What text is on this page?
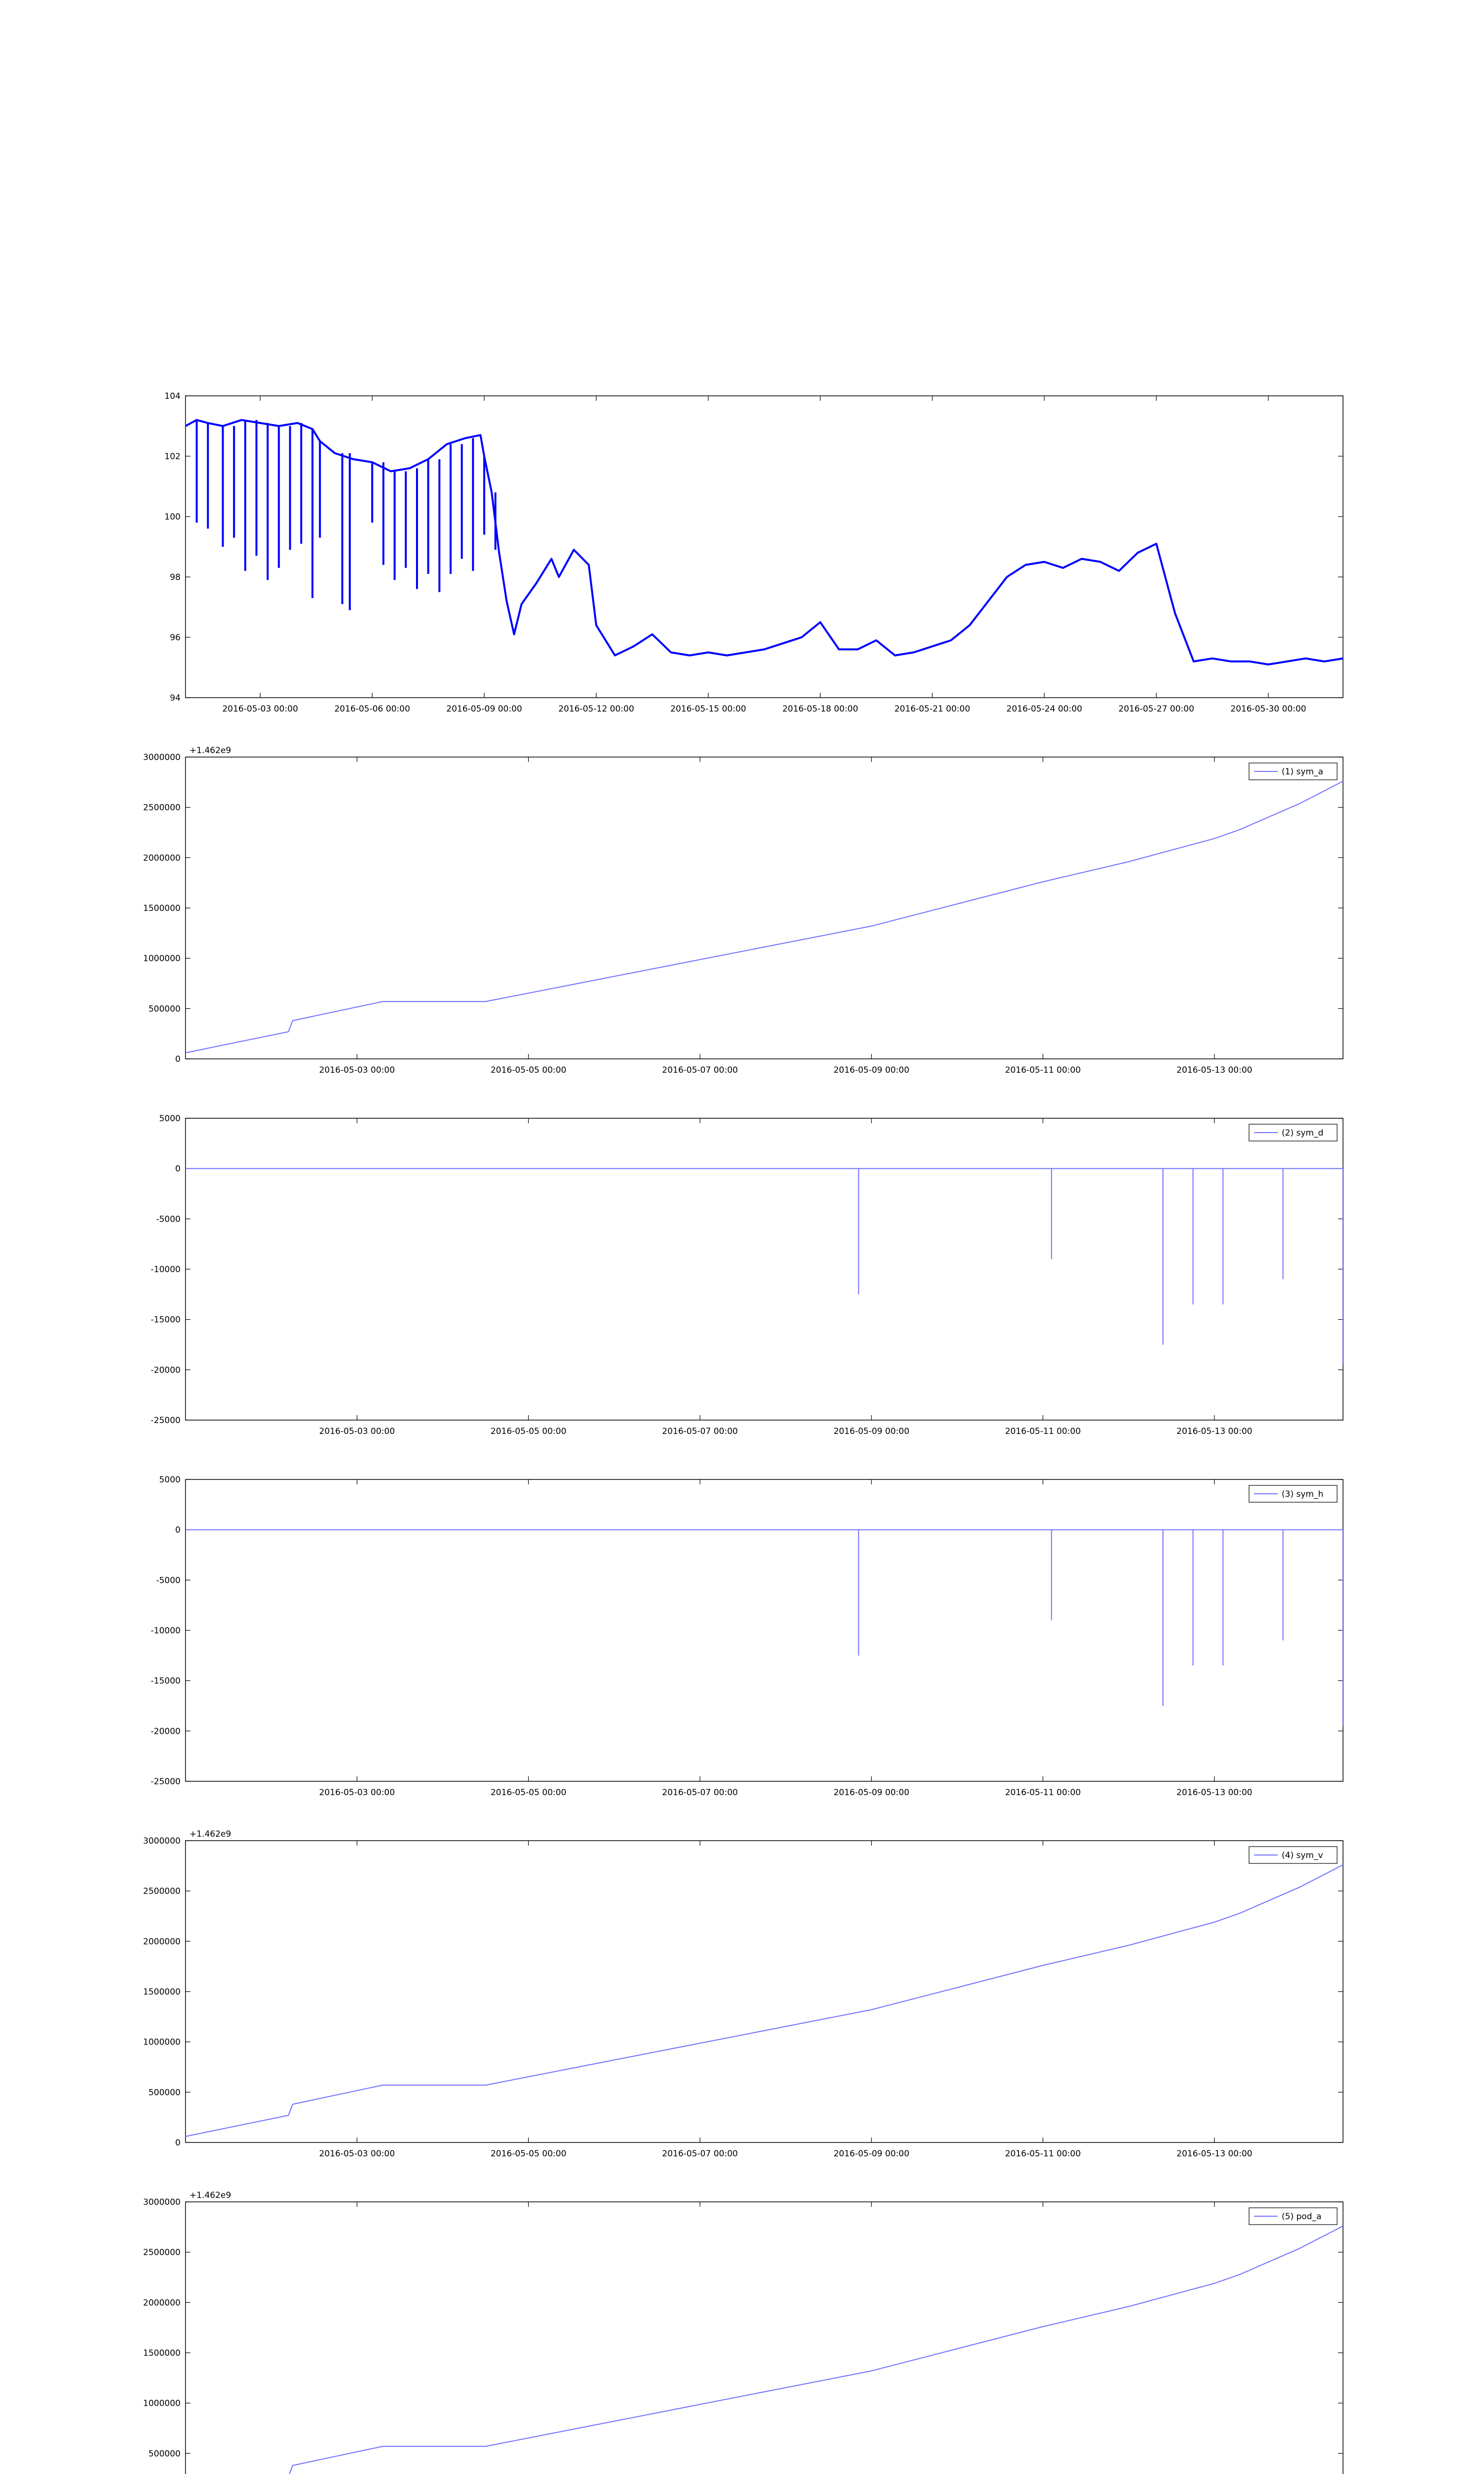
94
96
98
100
102
104
2016-05-03 00:00	2016-05-06 00:00	2016-05-09 00:00	2016-05-12 00:00	2016-05-15 00:00	2016-05-18 00:00	2016-05-21 00:00	2016-05-24 00:00	2016-05-27 00:00	2016-05-30 00:00
0
500000
1000000
1500000
2000000
2500000
3000000
2016-05-03 00:00	2016-05-05 00:00	2016-05-07 00:00	2016-05-09 00:00	2016-05-11 00:00	2016-05-13 00:00
+1.462e9
(1) sym_a
-25000
-20000
-15000
-10000
-5000
0
5000
2016-05-03 00:00	2016-05-05 00:00	2016-05-07 00:00	2016-05-09 00:00	2016-05-11 00:00	2016-05-13 00:00
(2) sym_d
-25000
-20000
-15000
-10000
-5000
0
5000
2016-05-03 00:00	2016-05-05 00:00	2016-05-07 00:00	2016-05-09 00:00	2016-05-11 00:00	2016-05-13 00:00
(3) sym_h
0
500000
1000000
1500000
2000000
2500000
3000000
2016-05-03 00:00	2016-05-05 00:00	2016-05-07 00:00	2016-05-09 00:00	2016-05-11 00:00	2016-05-13 00:00
+1.462e9
(4) sym_v
500000
1000000
1500000
2000000
2500000
3000000
+1.462e9
(5) pod_a
